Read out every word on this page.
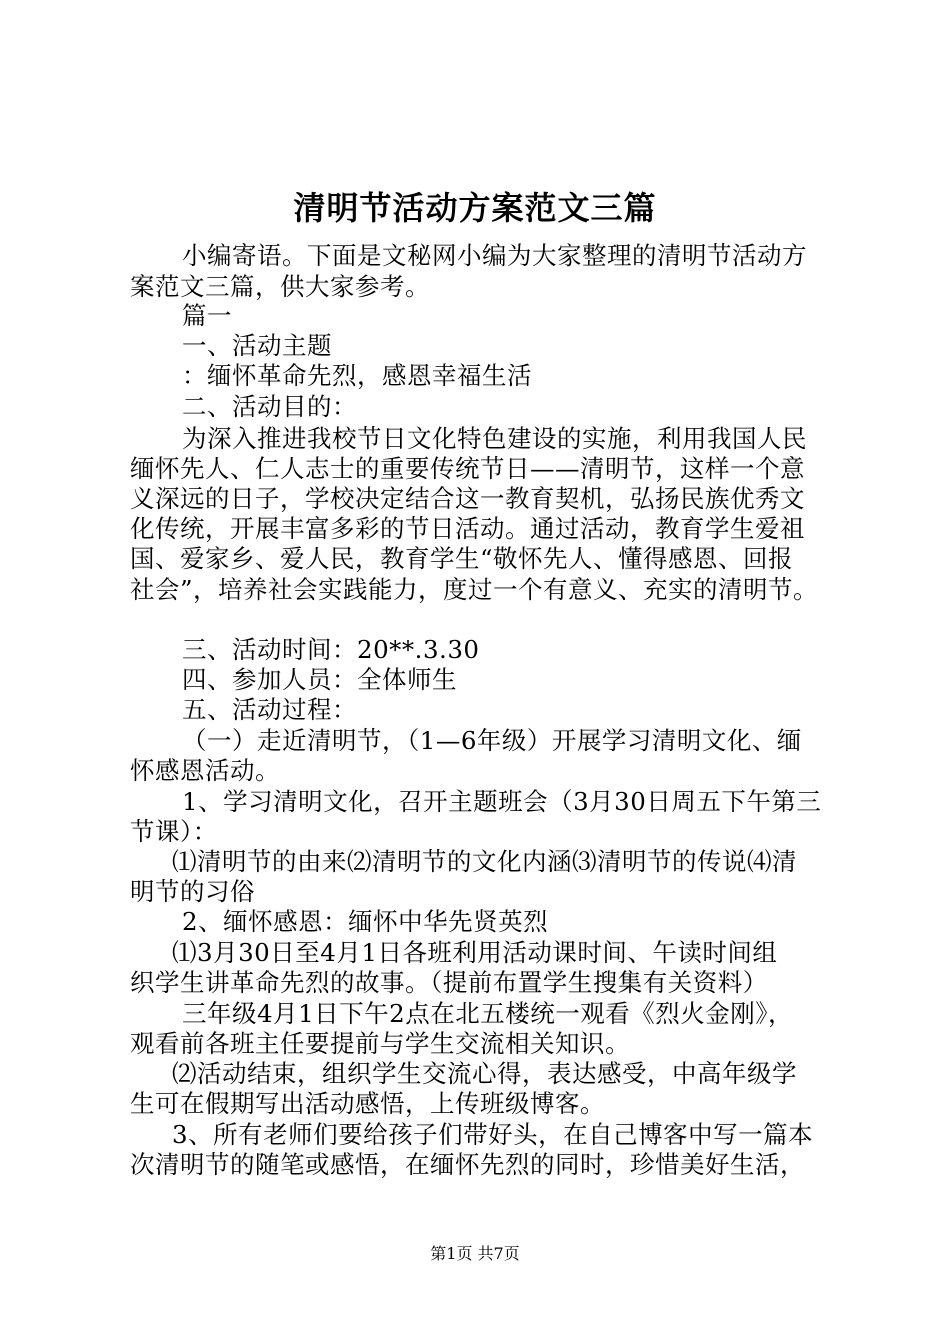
清明节活动方案范文三篇
小编寄语。下面是文秘网小编为大家整理的清明节活动方
案范文三篇，供大家参考。
篇一
一、活动主题
：缅怀革命先烈，感恩幸福生活
二、活动目的：
为深入推进我校节日文化特色建设的实施，利用我国人民
缅怀先人、仁人志士的重要传统节日——清明节，这样一个意
义深远的日子，学校决定结合这一教育契机，弘扬民族优秀文
化传统，开展丰富多彩的节日活动。通过活动，教育学生爱祖
国、爱家乡、爱人民，教育学生“敬怀先人、懂得感恩、回报
社会”，培养社会实践能力，度过一个有意义、充实的清明节。
三、活动时间：20**.3.30
四、参加人员：全体师生
五、活动过程：
（一）走近清明节，（1—6年级）开展学习清明文化、缅
怀感恩活动。
1、学习清明文化，召开主题班会（3月30日周五下午第三
节课）：
⑴清明节的由来⑵清明节的文化内涵⑶清明节的传说⑷清
明节的习俗
2、缅怀感恩：缅怀中华先贤英烈
⑴3月30日至4月1日各班利用活动课时间、午读时间组
织学生讲革命先烈的故事。（提前布置学生搜集有关资料）
三年级4月1日下午2点在北五楼统一观看《烈火金刚》，
观看前各班主任要提前与学生交流相关知识。
⑵活动结束，组织学生交流心得，表达感受，中高年级学
生可在假期写出活动感悟，上传班级博客。
3、所有老师们要给孩子们带好头，在自己博客中写一篇本
次清明节的随笔或感悟，在缅怀先烈的同时，珍惜美好生活，
第1页 共7页
